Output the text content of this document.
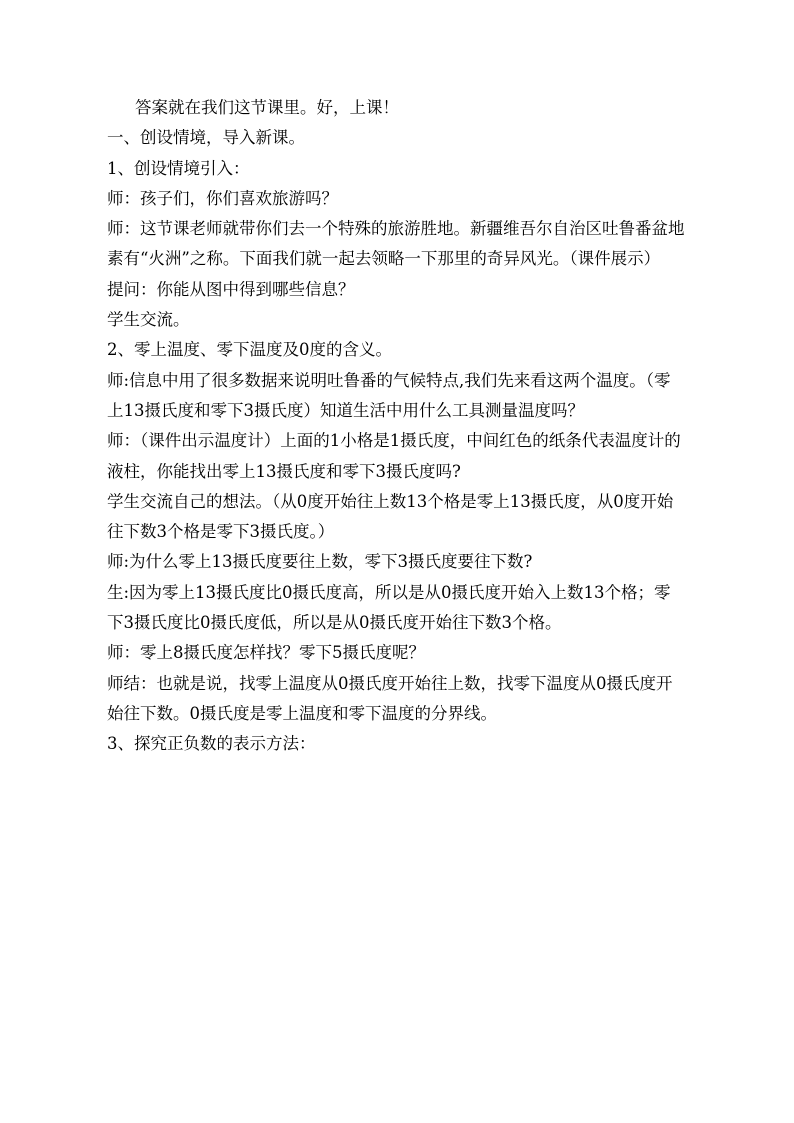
答案就在我们这节课里。好，上课！

一、创设情境，导入新课。

1、创设情境引入：

师：孩子们，你们喜欢旅游吗？

师：这节课老师就带你们去一个特殊的旅游胜地。新疆维吾尔自治区吐鲁番盆地素有“火洲”之称。下面我们就一起去领略一下那里的奇异风光。（课件展示）

提问：你能从图中得到哪些信息？

学生交流。

2、零上温度、零下温度及0度的含义。

师:信息中用了很多数据来说明吐鲁番的气候特点,我们先来看这两个温度。（零上13摄氏度和零下3摄氏度）知道生活中用什么工具测量温度吗？

师：（课件出示温度计）上面的1小格是1摄氏度，中间红色的纸条代表温度计的液柱，你能找出零上13摄氏度和零下3摄氏度吗?

学生交流自己的想法。（从0度开始往上数13个格是零上13摄氏度，从0度开始往下数3个格是零下3摄氏度。）

师:为什么零上13摄氏度要往上数，零下3摄氏度要往下数?

生:因为零上13摄氏度比0摄氏度高，所以是从0摄氏度开始入上数13个格；零下3摄氏度比0摄氏度低，所以是从0摄氏度开始往下数3个格。

师：零上8摄氏度怎样找？零下5摄氏度呢？

师结：也就是说，找零上温度从0摄氏度开始往上数，找零下温度从0摄氏度开始往下数。0摄氏度是零上温度和零下温度的分界线。

3、探究正负数的表示方法：
